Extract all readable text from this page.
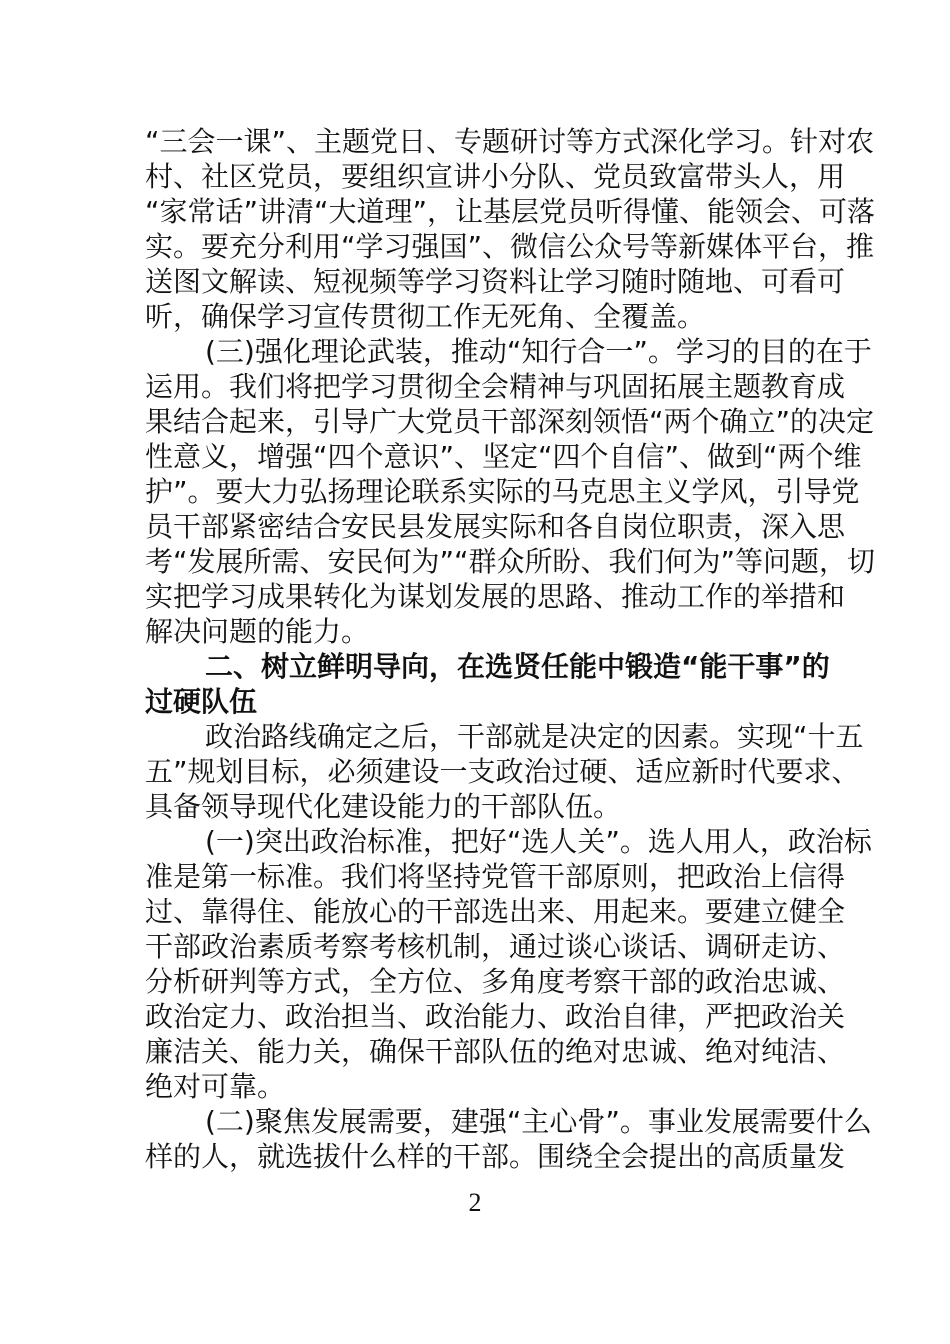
“三会一课”、主题党日、专题研讨等方式深化学习。针对农
村、社区党员，要组织宣讲小分队、党员致富带头人，用
“家常话”讲清“大道理”，让基层党员听得懂、能领会、可落
实。要充分利用“学习强国”、微信公众号等新媒体平台，推
送图文解读、短视频等学习资料让学习随时随地、可看可
听，确保学习宣传贯彻工作无死角、全覆盖。
(三)强化理论武装，推动“知行合一”。学习的目的在于
运用。我们将把学习贯彻全会精神与巩固拓展主题教育成
果结合起来，引导广大党员干部深刻领悟“两个确立”的决定
性意义，增强“四个意识”、坚定“四个自信”、做到“两个维
护”。要大力弘扬理论联系实际的马克思主义学风，引导党
员干部紧密结合安民县发展实际和各自岗位职责，深入思
考“发展所需、安民何为”“群众所盼、我们何为”等问题，切
实把学习成果转化为谋划发展的思路、推动工作的举措和
解决问题的能力。
二、树立鲜明导向，在选贤任能中锻造“能干事”的
过硬队伍
政治路线确定之后，干部就是决定的因素。实现“十五
五”规划目标，必须建设一支政治过硬、适应新时代要求、
具备领导现代化建设能力的干部队伍。
(一)突出政治标准，把好“选人关”。选人用人，政治标
准是第一标准。我们将坚持党管干部原则，把政治上信得
过、靠得住、能放心的干部选出来、用起来。要建立健全
干部政治素质考察考核机制，通过谈心谈话、调研走访、
分析研判等方式，全方位、多角度考察干部的政治忠诚、
政治定力、政治担当、政治能力、政治自律，严把政治关
廉洁关、能力关，确保干部队伍的绝对忠诚、绝对纯洁、
绝对可靠。
(二)聚焦发展需要，建强“主心骨”。事业发展需要什么
样的人，就选拔什么样的干部。围绕全会提出的高质量发
2
